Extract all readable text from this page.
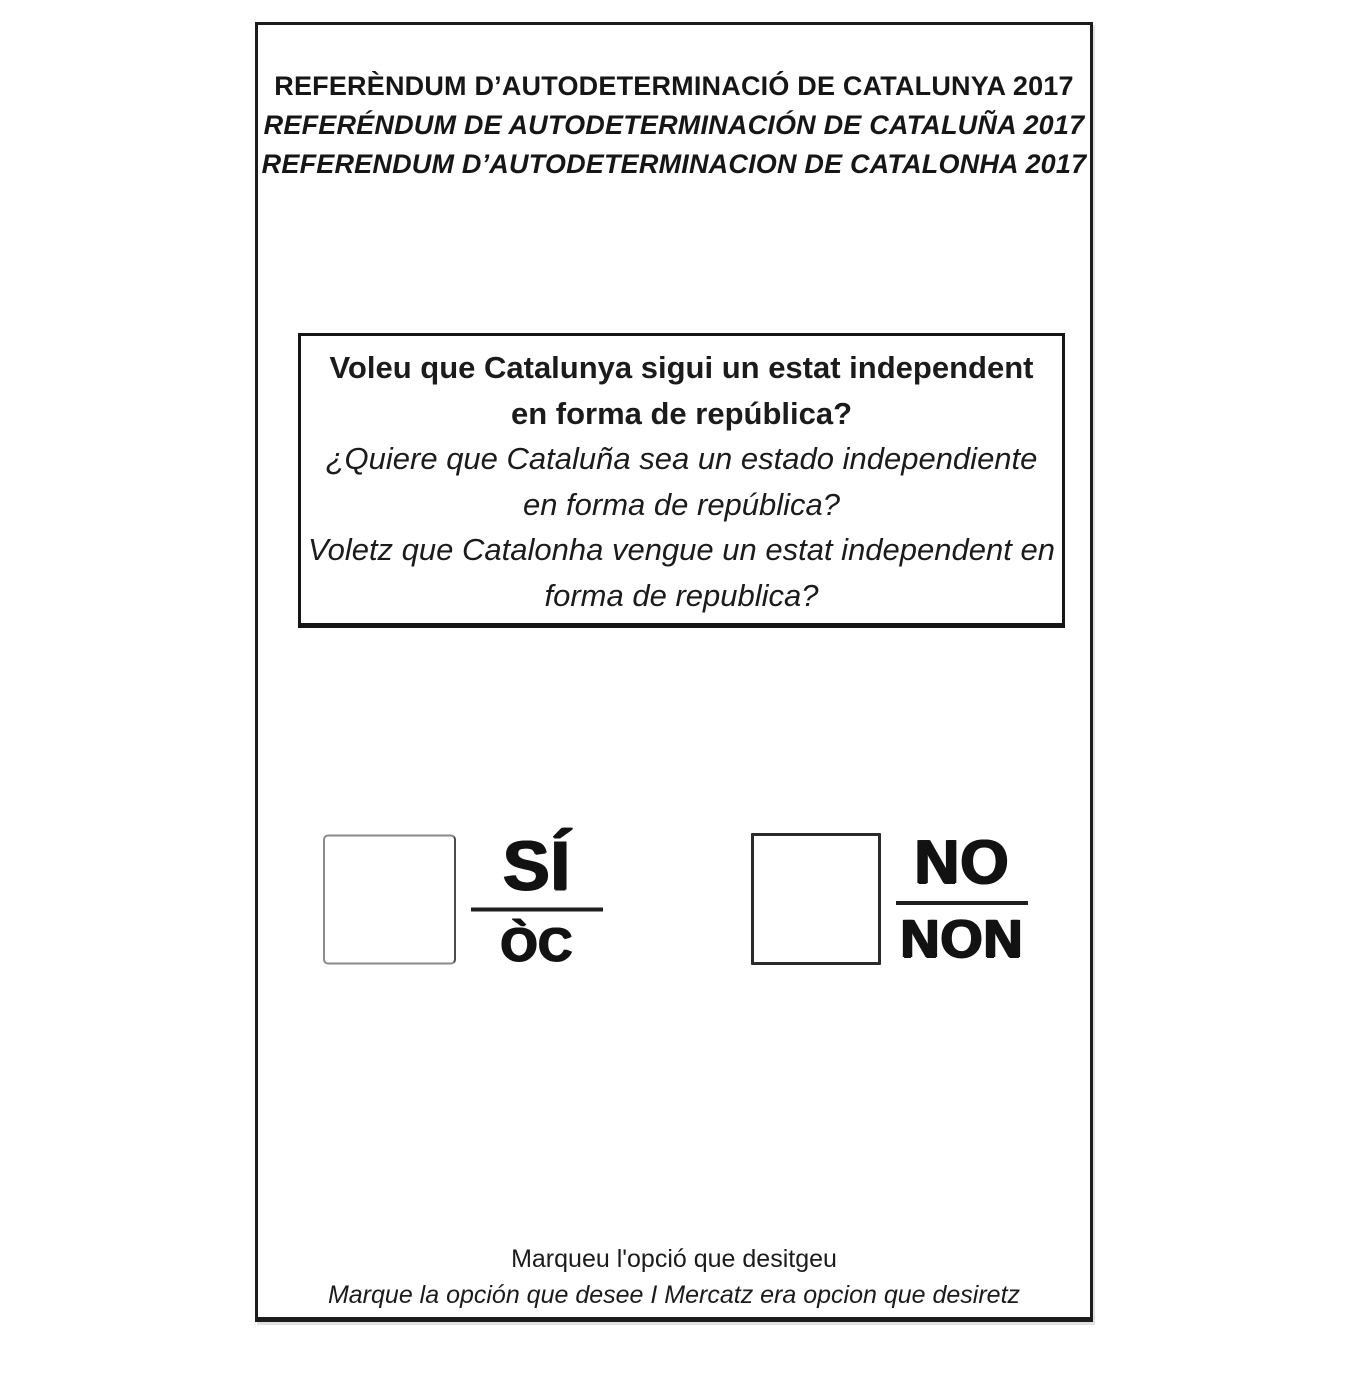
REFERÈNDUM D’AUTODETERMINACIÓ DE CATALUNYA 2017
REFERÉNDUM DE AUTODETERMINACIÓN DE CATALUÑA 2017
REFERENDUM D’AUTODETERMINACION DE CATALONHA 2017

Voleu que Catalunya sigui un estat independent
en forma de república?

¿Quiere que Cataluña sea un estado independiente
en forma de república?

Voletz que Catalonha vengue un estat independent en
forma de republica?

$\frac{SÍ}{ÒC}$	$\frac{NO}{\text{NON}}$
Marqueu l'opció que desitgeu
Marque la opción que desee I Mercatz era opcion que desiretz
